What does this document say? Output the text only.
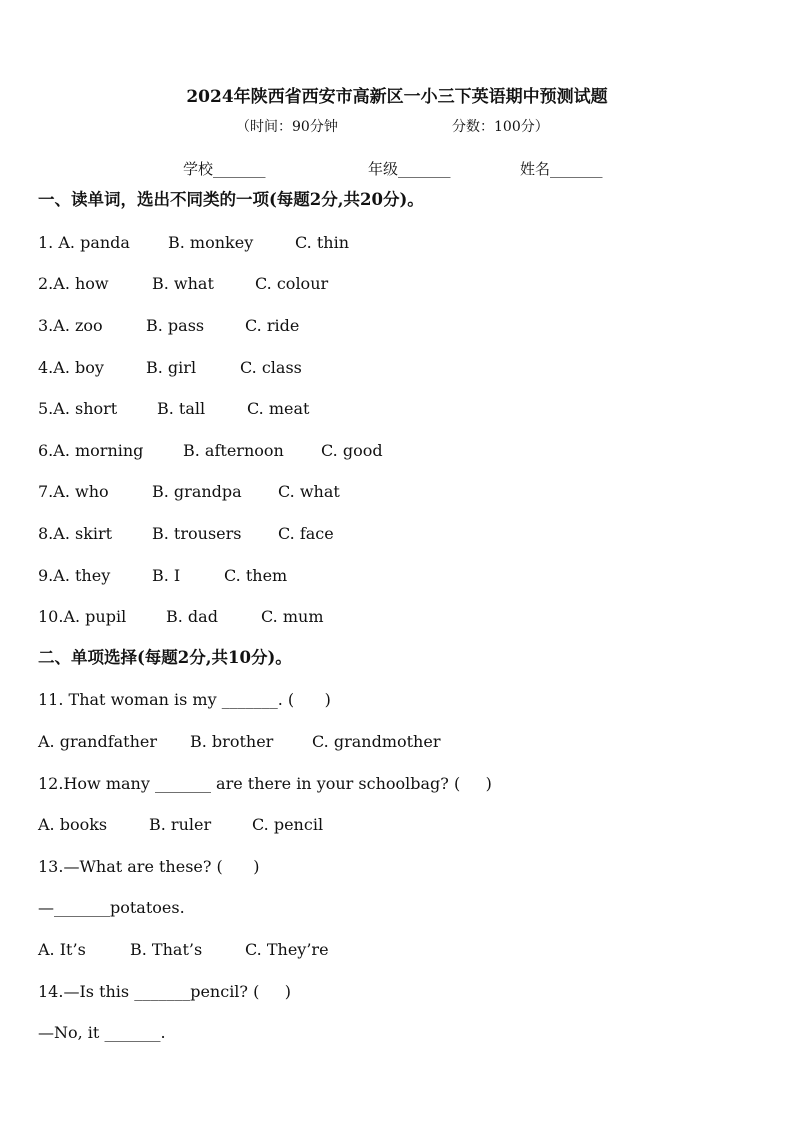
2024年陕西省西安市高新区一小三下英语期中预测试题
（时间：90分钟	分数：100分）
学校_______	年级_______	姓名_______
一、读单词，选出不同类的一项(每题2分,共20分)。
1. A. panda B. monkey	C. thin
2.A. how	B. what	C. colour
3.A. zoo	B. pass	C. ride
4.A. boy	B. girl	C. class
5.A. short B. tall	C. meat
6.A. morning B. afternoon C. good
7.A. who	B. grandpa C. what
8.A. skirt B. trousers C. face
9.A. they	B. I	C. them
10.A. pupil B. dad	C. mum
二、单项选择(每题2分,共10分)。
11. That woman is my _______. (      )
A. grandfather B. brother C. grandmother
12.How many _______ are there in your schoolbag? (     )
A. books	B. ruler	C. pencil
13.—What are these? (      )
—_______potatoes.
A. It’s	B. That’s	C. They’re
14.—Is this _______pencil? (     )
—No, it _______.
